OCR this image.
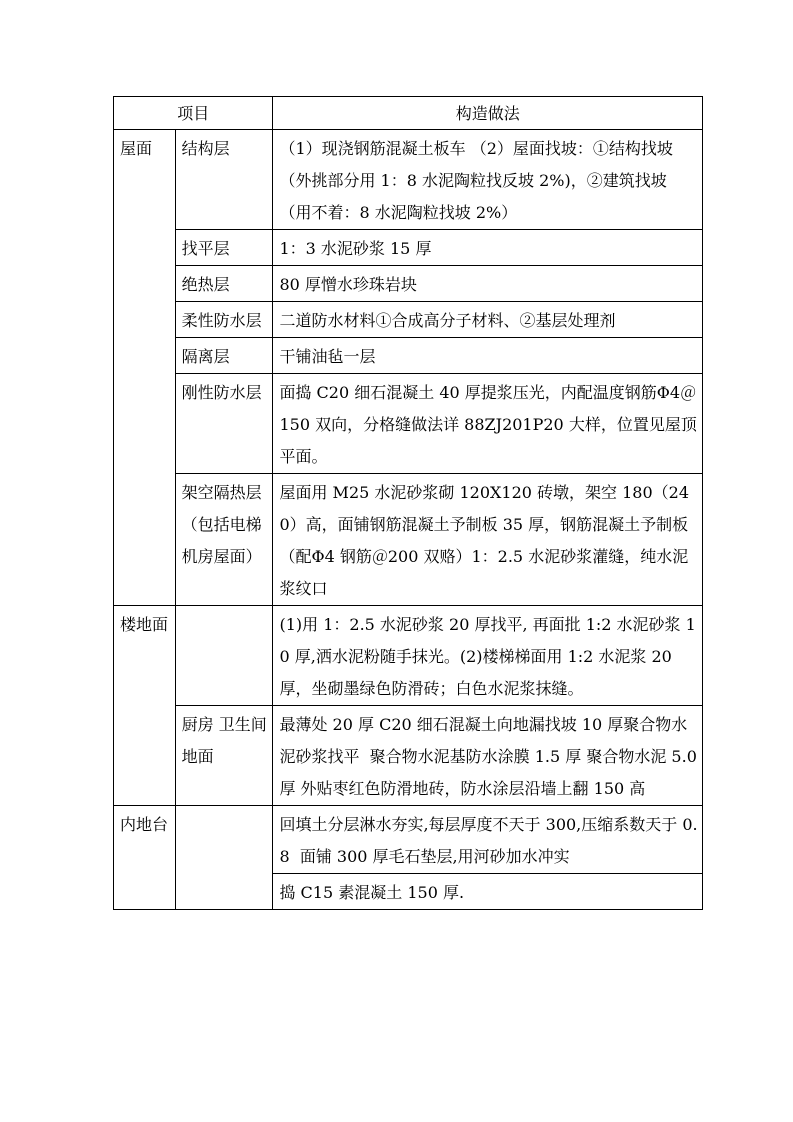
项目		构造做法
屋面	结构层	（1）现浇钢筋混凝土板车 （2）屋面找坡：①结构找坡（外挑部分用 1：8 水泥陶粒找反坡 2%)，②建筑找坡（用不着：8 水泥陶粒找坡 2%）
	找平层	1：3 水泥砂浆 15 厚
	绝热层	80 厚憎水珍珠岩块
	柔性防水层	二道防水材料①合成高分子材料、②基层处理剂
	隔离层	干铺油毡一层
	刚性防水层	面捣 C20 细石混凝土 40 厚提浆压光，内配温度钢筋Φ4＠150 双向，分格缝做法详 88ZJ201P20 大样，位置见屋顶平面。
	架空隔热层（包括电梯机房屋面）	屋面用 M25 水泥砂浆砌 120X120 砖墩，架空 180（240）高，面铺钢筋混凝土予制板 35 厚，钢筋混凝土予制板（配Φ4 钢筋＠200 双赂）1：2.5 水泥砂浆灌缝，纯水泥浆纹口
楼地面		(1)用 1：2.5 水泥砂浆 20 厚找平, 再面批 1:2 水泥砂浆 10 厚,洒水泥粉随手抹光。(2)楼梯梯面用 1:2 水泥浆 20 厚，坐砌墨绿色防滑砖；白色水泥浆抹缝。
	厨房 卫生间地面	最薄处 20 厚 C20 细石混凝土向地漏找坡 10 厚聚合物水泥砂浆找平  聚合物水泥基防水涂膜 1.5 厚 聚合物水泥 5.0 厚 外贴枣红色防滑地砖，防水涂层沿墙上翻 150 高
内地台		回填土分层淋水夯实,每层厚度不天于 300,压缩系数天于 0.8  面铺 300 厚毛石垫层,用河砂加水冲实
		捣 C15 素混凝土 150 厚.
